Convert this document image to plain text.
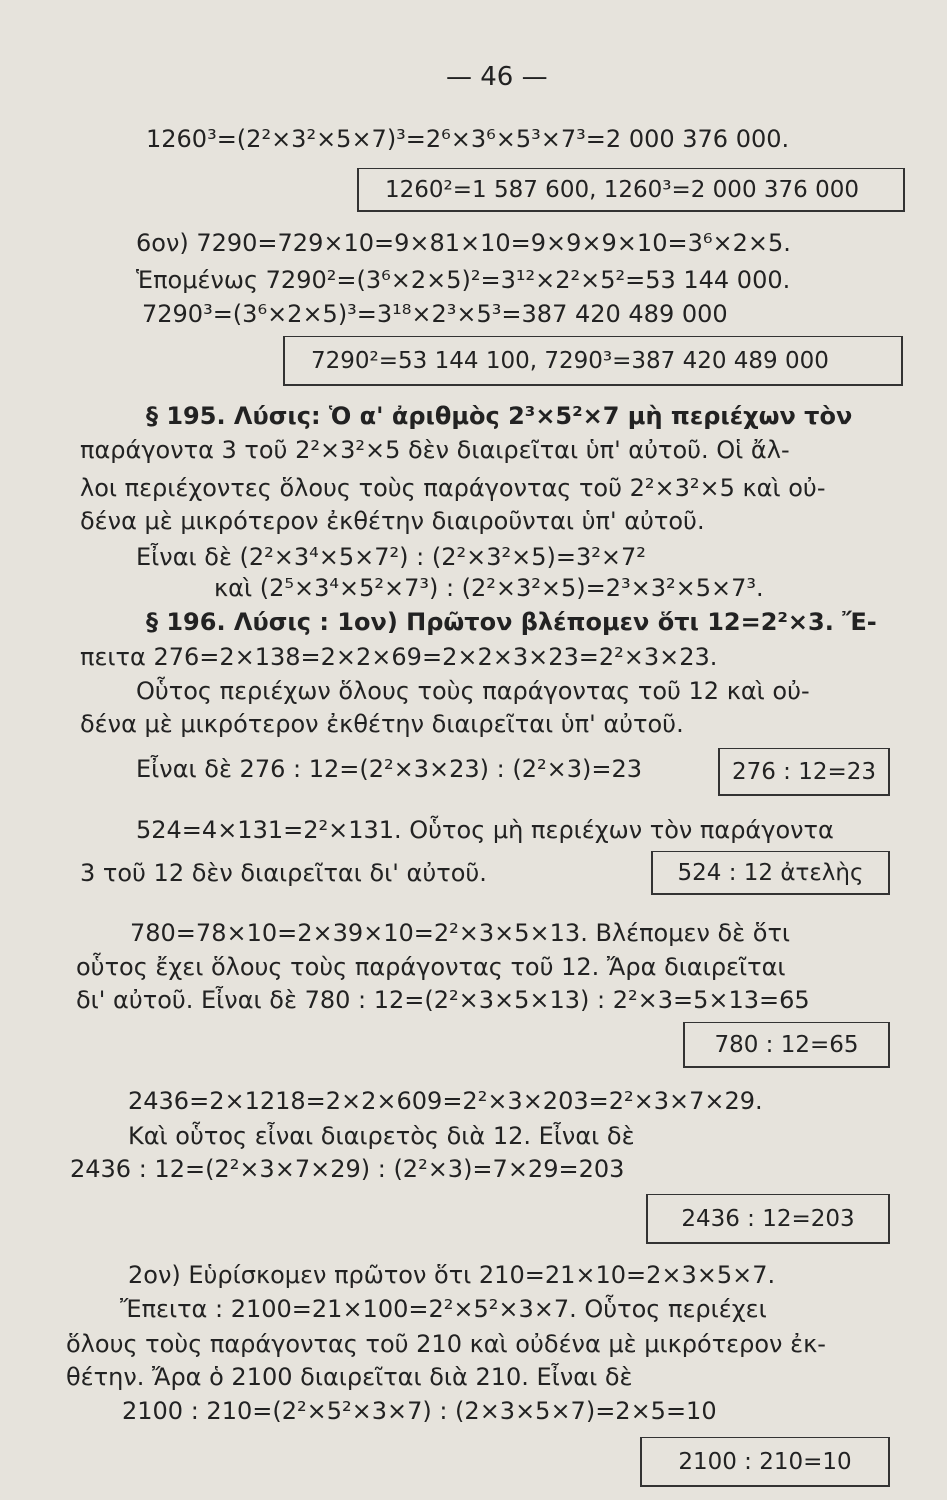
— 46 —
1260³=(2²×3²×5×7)³=2⁶×3⁶×5³×7³=2 000 376 000.
1260²=1 587 600, 1260³=2 000 376 000
6ον) 7290=729×10=9×81×10=9×9×9×10=3⁶×2×5.
Ἑπομένως 7290²=(3⁶×2×5)²=3¹²×2²×5²=53 144 000.
7290³=(3⁶×2×5)³=3¹⁸×2³×5³=387 420 489 000
7290²=53 144 100, 7290³=387 420 489 000
§ 195. Λύσις: Ὁ α' ἀριθμὸς 2³×5²×7 μὴ περιέχων τὸν
παράγοντα 3 τοῦ 2²×3²×5 δὲν διαιρεῖται ὑπ' αὐτοῦ. Οἱ ἄλ-
λοι περιέχοντες ὅλους τοὺς παράγοντας τοῦ 2²×3²×5 καὶ οὐ-
δένα μὲ μικρότερον ἐκθέτην διαιροῦνται ὑπ' αὐτοῦ.
Εἶναι δὲ (2²×3⁴×5×7²) : (2²×3²×5)=3²×7²
καὶ (2⁵×3⁴×5²×7³) : (2²×3²×5)=2³×3²×5×7³.
§ 196. Λύσις : 1ον) Πρῶτον βλέπομεν ὅτι 12=2²×3. Ἔ-
πειτα 276=2×138=2×2×69=2×2×3×23=2²×3×23.
Οὗτος περιέχων ὅλους τοὺς παράγοντας τοῦ 12 καὶ οὐ-
δένα μὲ μικρότερον ἐκθέτην διαιρεῖται ὑπ' αὐτοῦ.
Εἶναι δὲ 276 : 12=(2²×3×23) : (2²×3)=23	276 : 12=23
524=4×131=2²×131. Οὗτος μὴ περιέχων τὸν παράγοντα
3 τοῦ 12 δὲν διαιρεῖται δι' αὐτοῦ.	524 : 12 ἀτελὴς
780=78×10=2×39×10=2²×3×5×13. Βλέπομεν δὲ ὅτι
οὗτος ἔχει ὅλους τοὺς παράγοντας τοῦ 12. Ἄρα διαιρεῖται
δι' αὐτοῦ. Εἶναι δὲ 780 : 12=(2²×3×5×13) : 2²×3=5×13=65
780 : 12=65
2436=2×1218=2×2×609=2²×3×203=2²×3×7×29.
Καὶ οὗτος εἶναι διαιρετὸς διὰ 12. Εἶναι δὲ
2436 : 12=(2²×3×7×29) : (2²×3)=7×29=203
2436 : 12=203
2ον) Εὑρίσκομεν πρῶτον ὅτι 210=21×10=2×3×5×7.
Ἔπειτα : 2100=21×100=2²×5²×3×7. Οὗτος περιέχει
ὅλους τοὺς παράγοντας τοῦ 210 καὶ οὐδένα μὲ μικρότερον ἐκ-
θέτην. Ἄρα ὁ 2100 διαιρεῖται διὰ 210. Εἶναι δὲ
2100 : 210=(2²×5²×3×7) : (2×3×5×7)=2×5=10
2100 : 210=10
